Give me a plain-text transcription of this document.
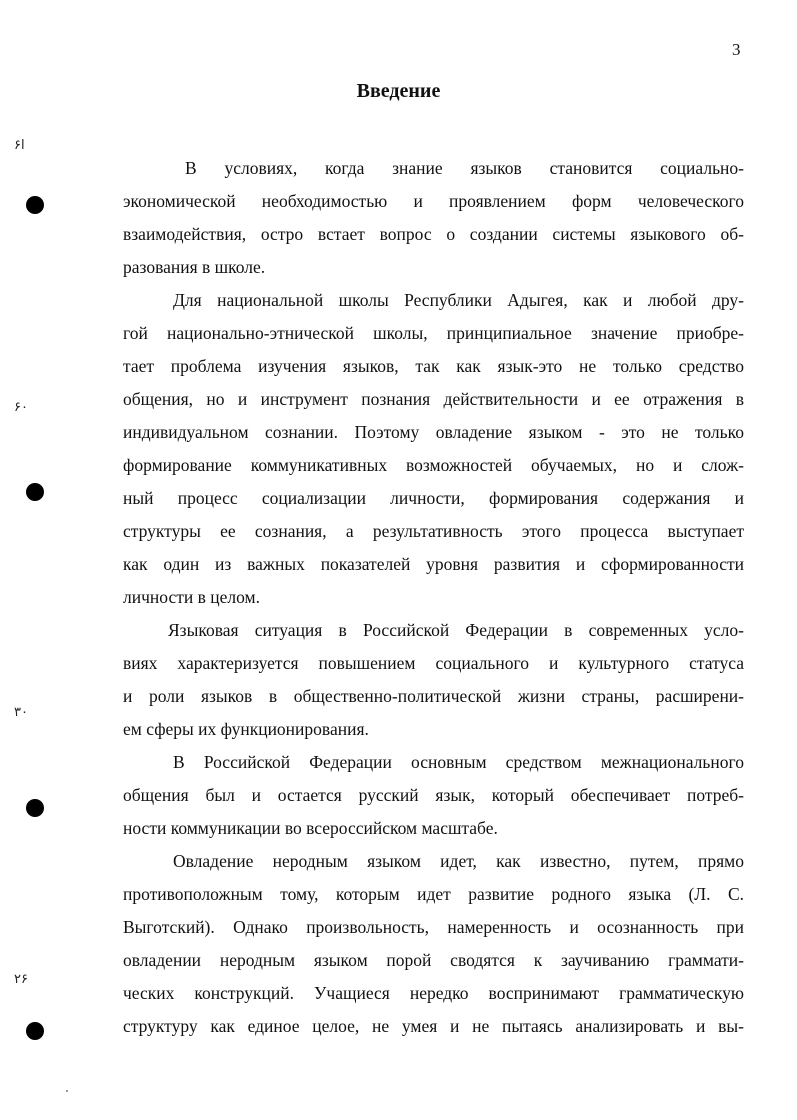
3
Введение
ا۶
۶۰
۳۰
۲۶
В условиях, когда знание языков становится социально-
экономической необходимостью и проявлением форм человеческого
взаимодействия, остро встает вопрос о создании системы языкового об-
разования в школе.
Для национальной школы Республики Адыгея, как и любой дру-
гой национально-этнической школы, принципиальное значение приобре-
тает проблема изучения языков, так как язык-это не только средство
общения, но и инструмент познания действительности и ее отражения в
индивидуальном сознании. Поэтому овладение языком - это не только
формирование коммуникативных возможностей обучаемых, но и слож-
ный процесс социализации личности, формирования содержания и
структуры ее сознания, а результативность этого процесса выступает
как один из важных показателей уровня развития и сформированности
личности в целом.
Языковая ситуация в Российской Федерации в современных усло-
виях характеризуется повышением социального и культурного статуса
и роли языков в общественно-политической жизни страны, расширени-
ем сферы их функционирования.
В Российской Федерации основным средством межнационального
общения был и остается русский язык, который обеспечивает потреб-
ности коммуникации во всероссийском масштабе.
Овладение неродным языком идет, как известно, путем, прямо
противоположным тому, которым идет развитие родного языка (Л. С.
Выготский). Однако произвольность, намеренность и осознанность при
овладении неродным языком порой сводятся к заучиванию граммати-
ческих конструкций. Учащиеся нередко воспринимают грамматическую
структуру как единое целое, не умея и не пытаясь анализировать и вы-
